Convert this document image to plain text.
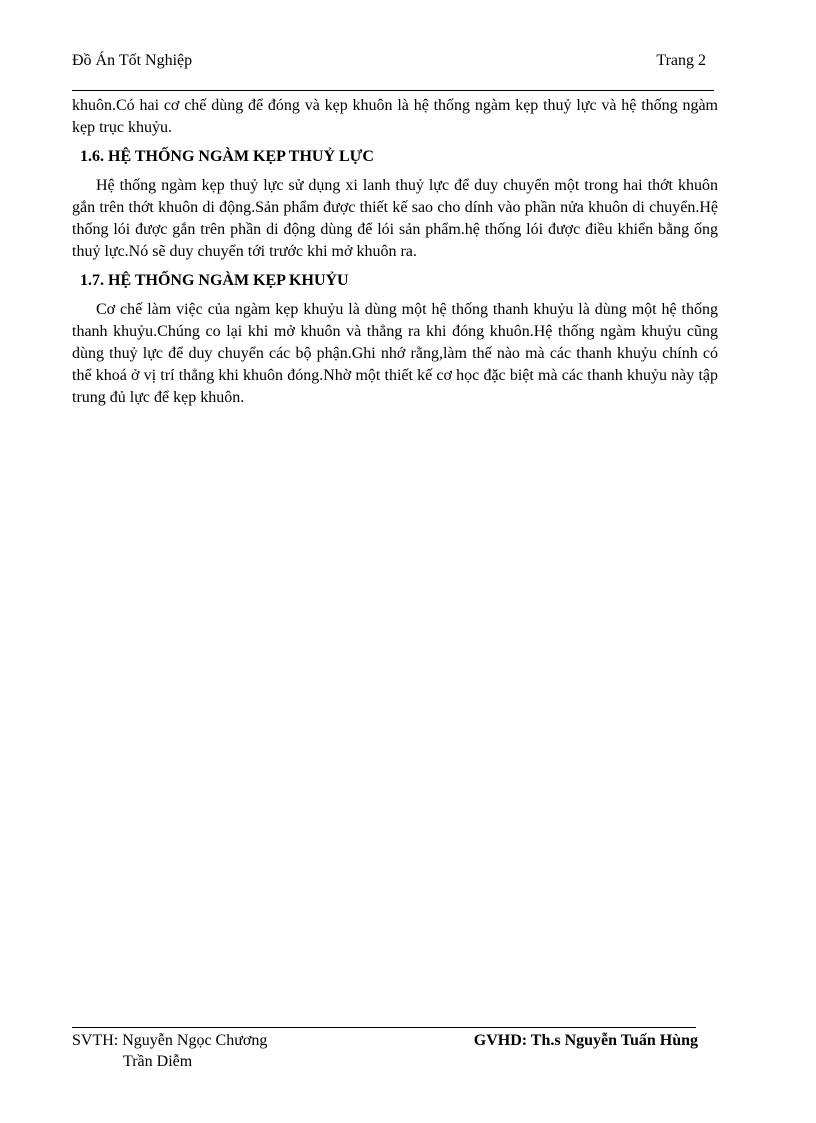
Đồ Án Tốt Nghiệp	Trang 2

khuôn.Có hai cơ chế dùng để đóng và kẹp khuôn là hệ thống ngàm kẹp thuỷ lực và hệ thống ngàm kẹp trục khuỷu.

1.6. HỆ THỐNG NGÀM KẸP THUỶ LỰC

Hệ thống ngàm kẹp thuỷ lực sử dụng xi lanh thuỷ lực để duy chuyển một trong hai thớt khuôn gắn trên thớt khuôn di động.Sản phẩm được thiết kế sao cho dính vào phần nửa khuôn di chuyển.Hệ thống lói được gắn trên phần di động dùng để lói sản phẩm.hệ thống lói được điều khiển bằng ống thuỷ lực.Nó sẽ duy chuyển tới trước khi mở khuôn ra.

1.7. HỆ THỐNG NGÀM KẸP KHUỶU

Cơ chế làm việc của ngàm kẹp khuỷu là dùng một hệ thống thanh khuỷu là dùng một hệ thống thanh khuỷu.Chúng co lại khi mở khuôn và thẳng ra khi đóng khuôn.Hệ thống ngàm khuỷu cũng dùng thuỷ lực để duy chuyển các bộ phận.Ghi nhớ rằng,làm thế nào mà các thanh khuỷu chính có thể khoá ở vị trí thẳng khi khuôn đóng.Nhờ một thiết kế cơ học đặc biệt mà các thanh khuỷu này tập trung đủ lực để kẹp khuôn.

SVTH: Nguyễn Ngọc Chương
Trần Diễm
GVHD: Th.s Nguyễn Tuấn Hùng
